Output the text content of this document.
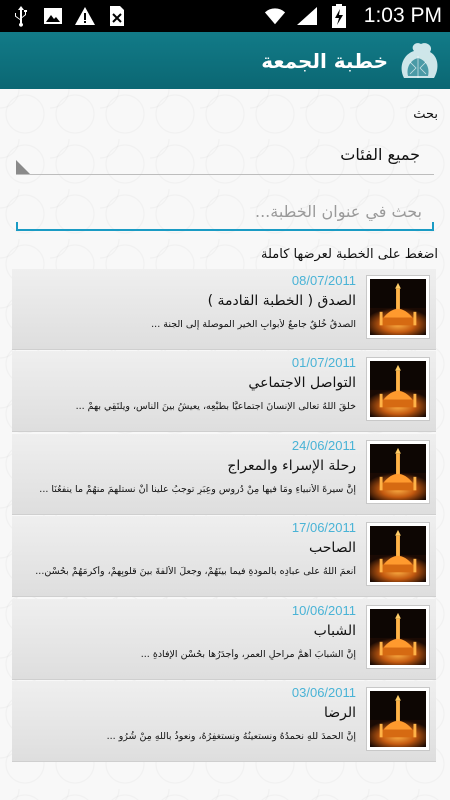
1:03 PM
خطبة الجمعة
بحث
جميع الفئات
بحث في عنوان الخطبة...
اضغط على الخطبة لعرضها كاملة
08/07/2011
الصدق ( الخطبة القادمة )
الصدقُ خُلقٌ جامعٌ لأبوابِ الخيرِ الموصلة إلى الجنة ...
01/07/2011
التواصل الاجتماعي
خلقَ اللهُ تعالى الإنسانَ اجتماعيًّا بطبْعِه، يعيشُ بينَ الناسِ، ويلتَقِي بهِمْ ...
24/06/2011
رحلة الإسراء والمعراج
إنَّ سيرةَ الأنبياءِ ومَا فيها مِنْ دُروسٍ وعِبَرٍ توجبُ علينا أنْ نستلهِمَ منهُمْ ما ينفعُنَا ...
17/06/2011
الصاحب
أنعمَ اللهُ على عبادِه بالمودةِ فيما بينَهُمْ، وجعلَ الأُلْفةَ بينَ قلوبِهِمْ، وأكرمَهُمْ بحُسْنِ...
10/06/2011
الشباب
إنَّ الشبابَ أهمُّ مراحلِ العمرِ، وأجدَرُها بحُسْنِ الإفادةِ ...
03/06/2011
الرضا
إنَّ الحمدَ للهِ نحمدُهُ ونستعينُهُ ونستغفِرُهُ، ونعوذُ باللهِ مِنْ شُرُو ...
